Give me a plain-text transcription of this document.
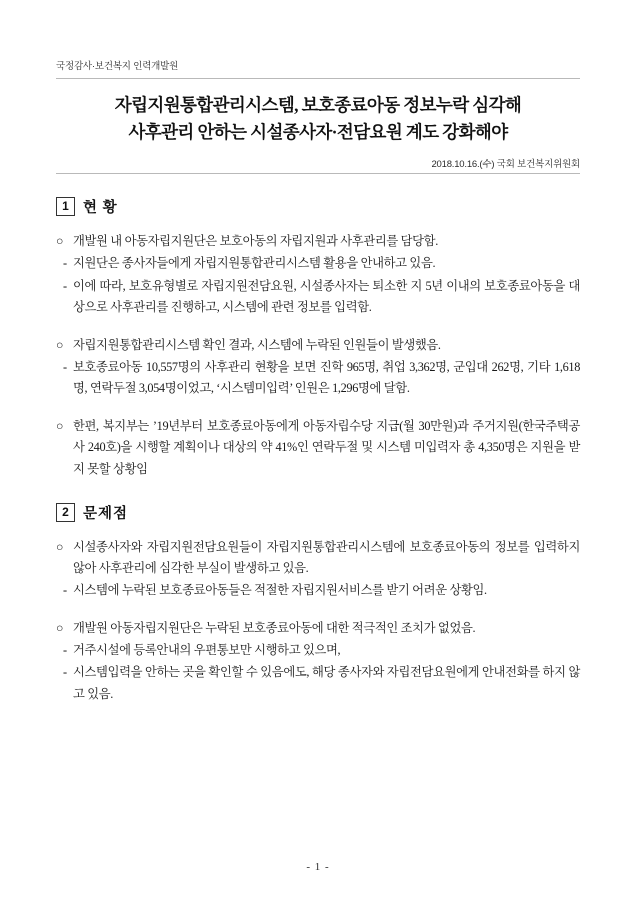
국정감사·보건복지 인력개발원
자립지원통합관리시스템, 보호종료아동 정보누락 심각해
사후관리 안하는 시설종사자·전담요원 계도 강화해야
2018.10.16.(수) 국회 보건복지위원회
1 현 황
○ 개발원 내 아동자립지원단은 보호아동의 자립지원과 사후관리를 담당함.
- 지원단은 종사자들에게 자립지원통합관리시스템 활용을 안내하고 있음.
- 이에 따라, 보호유형별로 자립지원전담요원, 시설종사자는 퇴소한 지 5년 이내의 보호종료아동을 대상으로 사후관리를 진행하고, 시스템에 관련 정보를 입력함.
○ 자립지원통합관리시스템 확인 결과, 시스템에 누락된 인원들이 발생했음.
- 보호종료아동 10,557명의 사후관리 현황을 보면 진학 965명, 취업 3,362명, 군입대 262명, 기타 1,618명, 연락두절 3,054명이었고, ‘시스템미입력’ 인원은 1,296명에 달함.
○ 한편, 복지부는 ’19년부터 보호종료아동에게 아동자립수당 지급(월 30만원)과 주거지원(한국주택공사 240호)을 시행할 계획이나 대상의 약 41%인 연락두절 및 시스템 미입력자 총 4,350명은 지원을 받지 못할 상황임
2 문제점
○ 시설종사자와 자립지원전담요원들이 자립지원통합관리시스템에 보호종료아동의 정보를 입력하지 않아 사후관리에 심각한 부실이 발생하고 있음.
- 시스템에 누락된 보호종료아동들은 적절한 자립지원서비스를 받기 어려운 상황임.
○ 개발원 아동자립지원단은 누락된 보호종료아동에 대한 적극적인 조치가 없었음.
- 거주시설에 등록안내의 우편통보만 시행하고 있으며,
- 시스템입력을 안하는 곳을 확인할 수 있음에도, 해당 종사자와 자립전담요원에게 안내전화를 하지 않고 있음.
- 1 -
